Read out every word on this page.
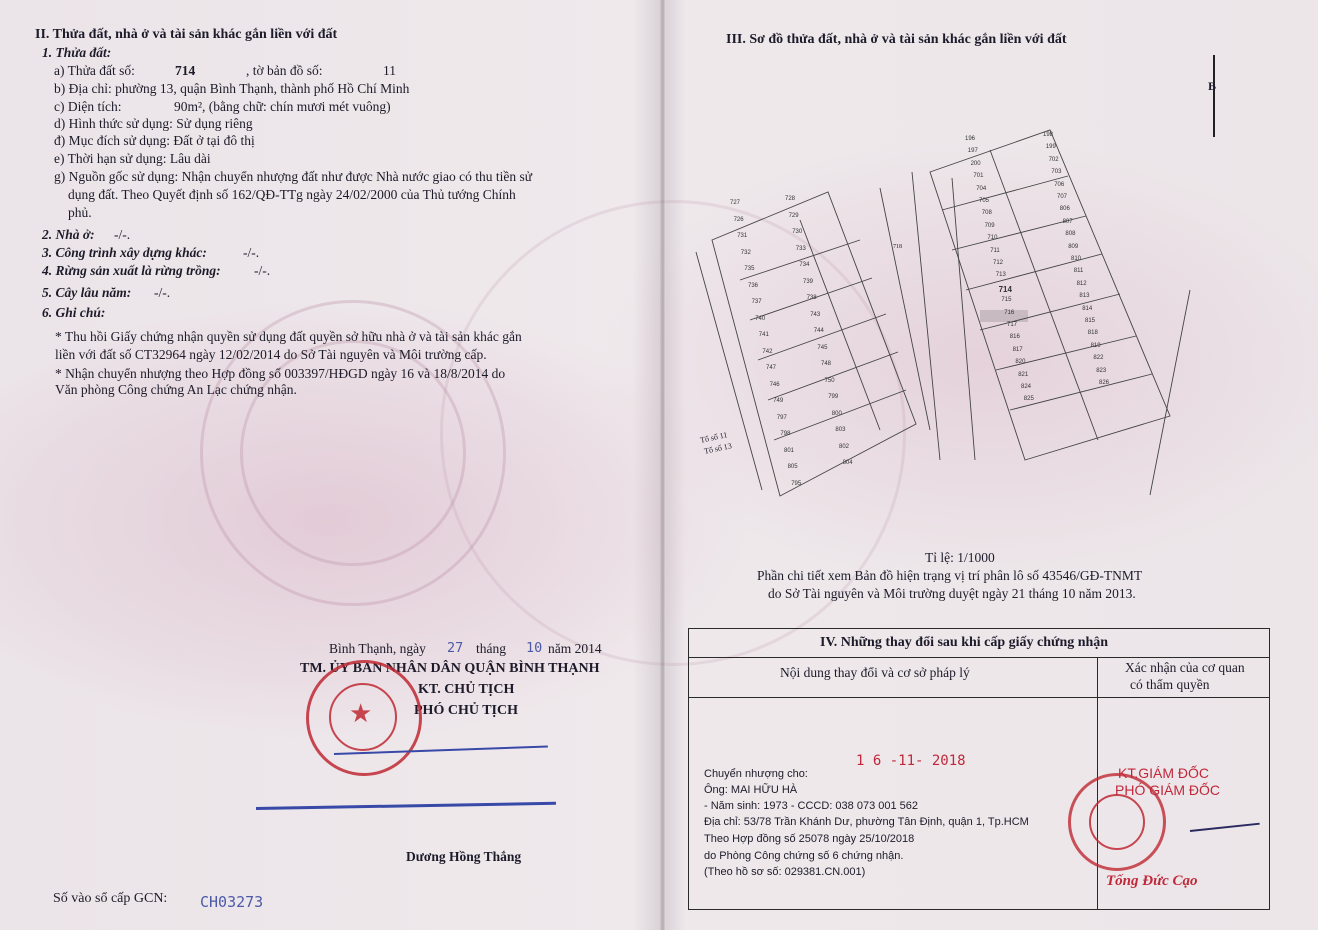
II. Thửa đất, nhà ở và tài sản khác gắn liền với đất
1. Thửa đất:
a) Thửa đất số:	714	, tờ bản đồ số:	11
b) Địa chỉ: phường 13, quận Bình Thạnh, thành phố Hồ Chí Minh
c) Diện tích:	90m², (bằng chữ: chín mươi mét vuông)
d) Hình thức sử dụng: Sử dụng riêng
đ) Mục đích sử dụng: Đất ở tại đô thị
e) Thời hạn sử dụng: Lâu dài
g) Nguồn gốc sử dụng: Nhận chuyển nhượng đất như được Nhà nước giao có thu tiền sử
dụng đất. Theo Quyết định số 162/QĐ-TTg ngày 24/02/2000 của Thủ tướng Chính
phủ.
2. Nhà ở: -/-.
3. Công trình xây dựng khác:	-/-.
4. Rừng sản xuất là rừng trồng: -/-.
5. Cây lâu năm: -/-.
6. Ghi chú:
* Thu hồi Giấy chứng nhận quyền sử dụng đất quyền sở hữu nhà ở và tài sản khác gắn
liền với đất số CT32964 ngày 12/02/2014 do Sở Tài nguyên và Môi trường cấp.
* Nhận chuyển nhượng theo Hợp đồng số 003397/HĐGD ngày 16 và 18/8/2014 do
Văn phòng Công chứng An Lạc chứng nhận.
Bình Thạnh, ngày 27 tháng 10 năm 2014
TM. ỦY BAN NHÂN DÂN QUẬN BÌNH THẠNH
KT. CHỦ TỊCH
PHÓ CHỦ TỊCH
★
Dương Hồng Thắng
Số vào sổ cấp GCN: CH03273
III. Sơ đồ thửa đất, nhà ở và tài sản khác gắn liền với đất
B
727
728
726
729
731
730
732
733
735
734
736
739
737
738
740
743
741
744
742
745
747
748
746
750
749
799
797
800
798
803
801
802
805
804
795
196
198
197
199
200
702
701
703
704
706
705
707
708
806
709
807
710
808
711
809
712
810
713
811
714
812
715
813
716
814
717
815
816
818
817
819
820
822
821
823
824
826
825
718
Tổ số 11
Tổ số 13
Tỉ lệ: 1/1000
Phần chi tiết xem Bản đồ hiện trạng vị trí phân lô số 43546/GĐ-TNMT
do Sở Tài nguyên và Môi trường duyệt ngày 21 tháng 10 năm 2013.
IV. Những thay đổi sau khi cấp giấy chứng nhận
Nội dung thay đổi và cơ sở pháp lý	Xác nhận của cơ quan
có thẩm quyền
1 6 -11- 2018
Chuyển nhượng cho:
Ông: MAI HỮU HÀ
- Năm sinh: 1973 - CCCD: 038 073 001 562
Địa chỉ: 53/78 Trần Khánh Dư, phường Tân Định, quận 1, Tp.HCM
Theo Hợp đồng số 25078 ngày 25/10/2018
do Phòng Công chứng số 6 chứng nhận.
(Theo hồ sơ số: 029381.CN.001)
KT.GIÁM ĐỐC
PHÓ GIÁM ĐỐC
Tống Đức Cạo
